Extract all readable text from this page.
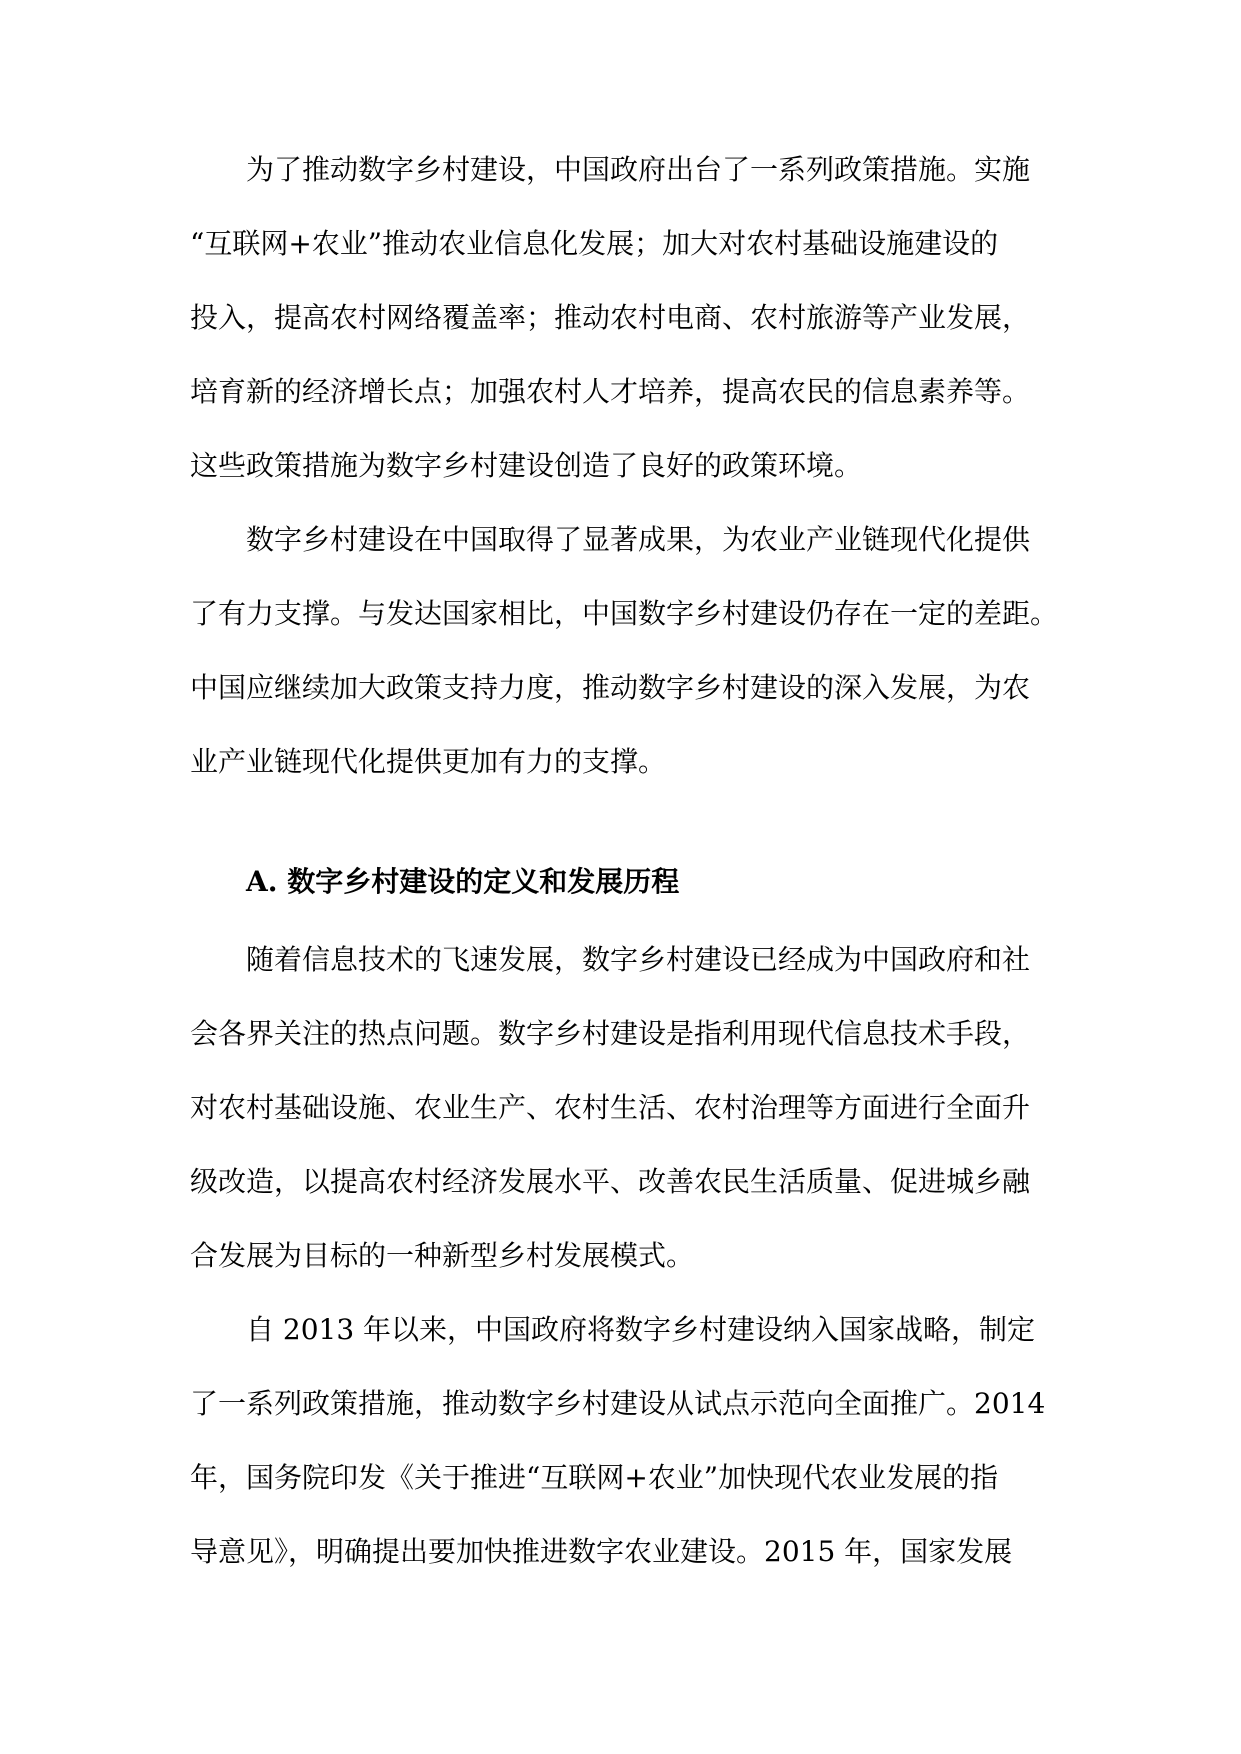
为了推动数字乡村建设，中国政府出台了一系列政策措施。实施
“互联网+农业”推动农业信息化发展；加大对农村基础设施建设的
投入，提高农村网络覆盖率；推动农村电商、农村旅游等产业发展，
培育新的经济增长点；加强农村人才培养，提高农民的信息素养等。
这些政策措施为数字乡村建设创造了良好的政策环境。
数字乡村建设在中国取得了显著成果，为农业产业链现代化提供
了有力支撑。与发达国家相比，中国数字乡村建设仍存在一定的差距。
中国应继续加大政策支持力度，推动数字乡村建设的深入发展，为农
业产业链现代化提供更加有力的支撑。
A. 数字乡村建设的定义和发展历程
随着信息技术的飞速发展，数字乡村建设已经成为中国政府和社
会各界关注的热点问题。数字乡村建设是指利用现代信息技术手段，
对农村基础设施、农业生产、农村生活、农村治理等方面进行全面升
级改造，以提高农村经济发展水平、改善农民生活质量、促进城乡融
合发展为目标的一种新型乡村发展模式。
自 2013 年以来，中国政府将数字乡村建设纳入国家战略，制定
了一系列政策措施，推动数字乡村建设从试点示范向全面推广。2014
年，国务院印发《关于推进“互联网+农业”加快现代农业发展的指
导意见》，明确提出要加快推进数字农业建设。2015 年，国家发展
